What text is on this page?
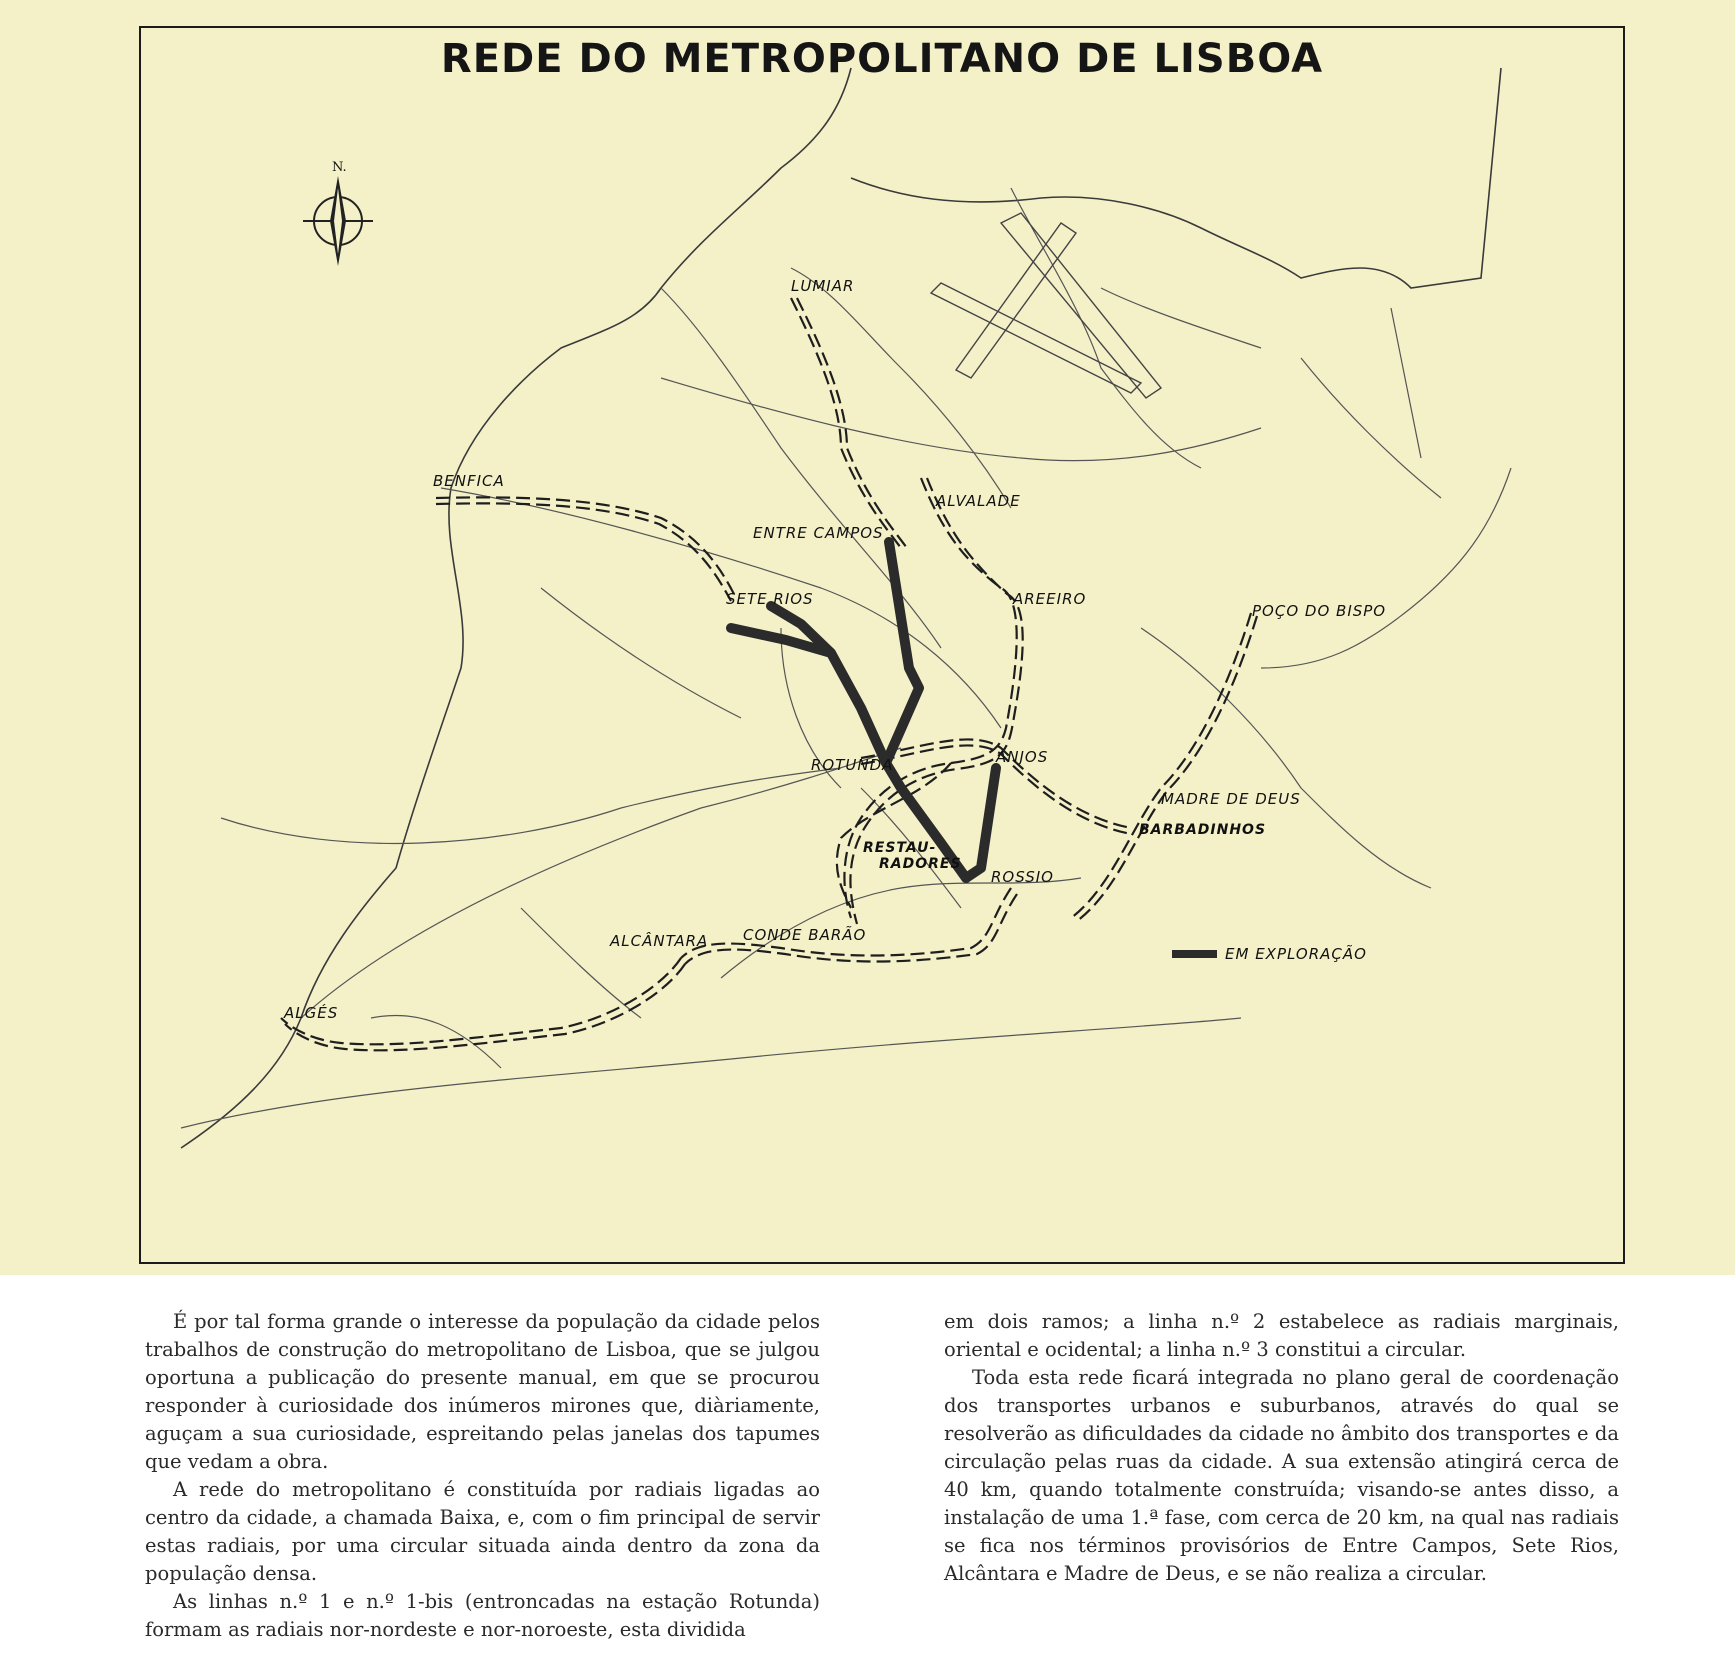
N.
LUMIAR
BENFICA
ALVALADE
ENTRE CAMPOS
SETE RIOS	AREEIRO
POÇO DO BISPO
ANJOS
ROTUNDA
MADRE DE DEUS
BARBADINHOS
RESTAU-
RADORES
ROSSIO
CONDE BARÃO
ALCÂNTARA
ALGÉS
EM EXPLORAÇÃO
REDE DO METROPOLITANO DE LISBOA

É por tal forma grande o interesse da população da cidade pelos trabalhos de construção do metropolitano de Lisboa, que se julgou oportuna a publicação do presente manual, em que se procurou responder à curiosidade dos inúmeros mirones que, diàriamente, aguçam a sua curiosidade, espreitando pelas janelas dos tapumes que vedam a obra.

A rede do metropolitano é constituída por radiais ligadas ao centro da cidade, a chamada Baixa, e, com o fim principal de servir estas radiais, por uma circular situada ainda dentro da zona da população densa.

As linhas n.º 1 e n.º 1-bis (entroncadas na estação Rotunda) formam as radiais nor-nordeste e nor-noroeste, esta dividida

em dois ramos; a linha n.º 2 estabelece as radiais marginais, oriental e ocidental; a linha n.º 3 constitui a circular.

Toda esta rede ficará integrada no plano geral de coordenação dos transportes urbanos e suburbanos, através do qual se resolverão as dificuldades da cidade no âmbito dos transportes e da circulação pelas ruas da cidade. A sua extensão atingirá cerca de 40 km, quando totalmente construída; visando-se antes disso, a instalação de uma 1.ª fase, com cerca de 20 km, na qual nas radiais se fica nos términos provisórios de Entre Campos, Sete Rios, Alcântara e Madre de Deus, e se não realiza a circular.
